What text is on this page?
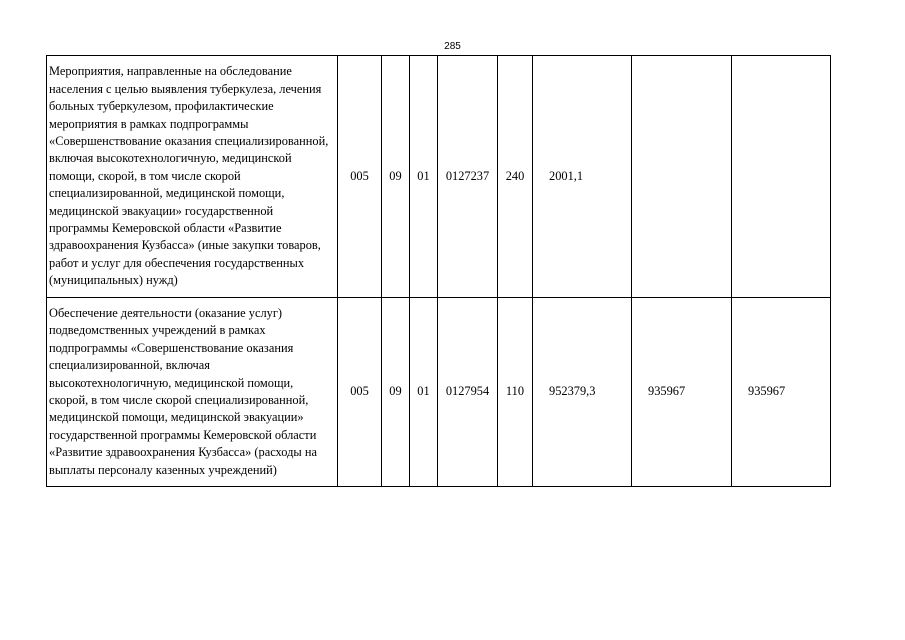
285
Мероприятия, направленные на обследование населения с целью выявления туберкулеза, лечения больных туберкулезом, профилактические мероприятия в рамках подпрограммы «Совершенствование оказания специализированной, включая высокотехнологичную, медицинской помощи, скорой, в том числе скорой специализированной, медицинской помощи, медицинской эвакуации» государственной программы Кемеровской области «Развитие здравоохранения Кузбасса» (иные закупки товаров, работ и услуг для обеспечения государственных (муниципальных) нужд)	005	09	01	0127237	240	2001,1		
Обеспечение деятельности (оказание услуг) подведомственных учреждений в рамках подпрограммы «Совершенствование оказания специализированной, включая высокотехнологичную, медицинской помощи, скорой, в том числе скорой специализированной, медицинской помощи, медицинской эвакуации» государственной программы Кемеровской области «Развитие здравоохранения Кузбасса» (расходы на выплаты персоналу казенных учреждений)	005	09	01	0127954	110	952379,3	935967	935967
